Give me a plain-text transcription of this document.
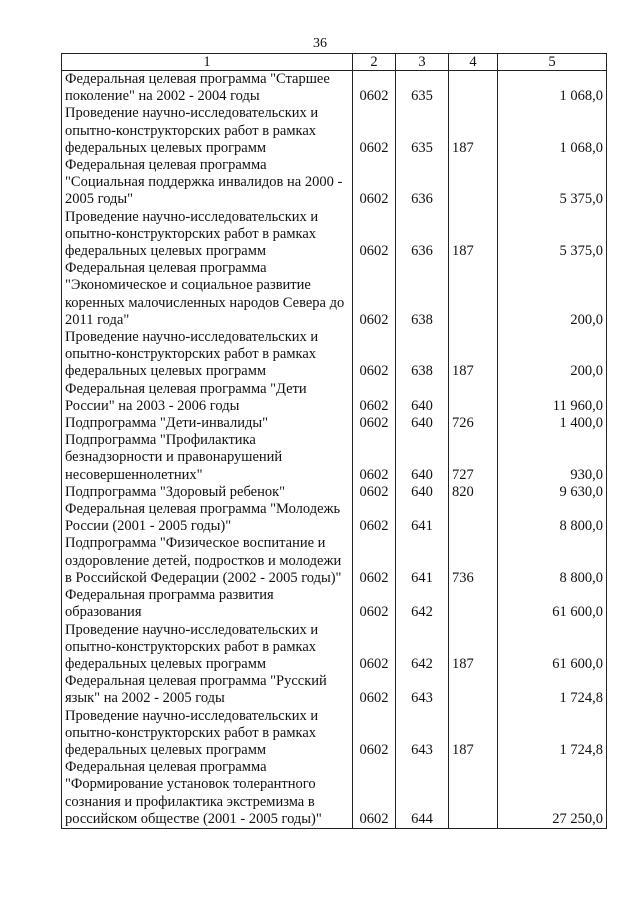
36
1	2	3	4	5
Федеральная целевая программа "Старшее поколение" на 2002 - 2004 годы	0602	635		1 068,0
Проведение научно-исследовательских и опытно-конструкторских работ в рамках федеральных целевых программ	0602	635	187	1 068,0
Федеральная целевая программа "Социальная поддержка инвалидов на 2000 - 2005 годы"	0602	636		5 375,0
Проведение научно-исследовательских и опытно-конструкторских работ в рамках федеральных целевых программ	0602	636	187	5 375,0
Федеральная целевая программа "Экономическое и социальное развитие коренных малочисленных народов Севера до 2011 года"	0602	638		200,0
Проведение научно-исследовательских и опытно-конструкторских работ в рамках федеральных целевых программ	0602	638	187	200,0
Федеральная целевая программа "Дети России" на 2003 - 2006 годы	0602	640		11 960,0
Подпрограмма "Дети-инвалиды"	0602	640	726	1 400,0
Подпрограмма "Профилактика безнадзорности и правонарушений несовершеннолетних"	0602	640	727	930,0
Подпрограмма "Здоровый ребенок"	0602	640	820	9 630,0
Федеральная целевая программа "Молодежь России (2001 - 2005 годы)"	0602	641		8 800,0
Подпрограмма "Физическое воспитание и оздоровление детей, подростков и молодежи в Российской Федерации (2002 - 2005 годы)"	0602	641	736	8 800,0
Федеральная программа развития образования	0602	642		61 600,0
Проведение научно-исследовательских и опытно-конструкторских работ в рамках федеральных целевых программ	0602	642	187	61 600,0
Федеральная целевая программа "Русский язык" на 2002 - 2005 годы	0602	643		1 724,8
Проведение научно-исследовательских и опытно-конструкторских работ в рамках федеральных целевых программ	0602	643	187	1 724,8
Федеральная целевая программа "Формирование установок толерантного сознания и профилактика экстремизма в российском обществе (2001 - 2005 годы)"	0602	644		27 250,0
